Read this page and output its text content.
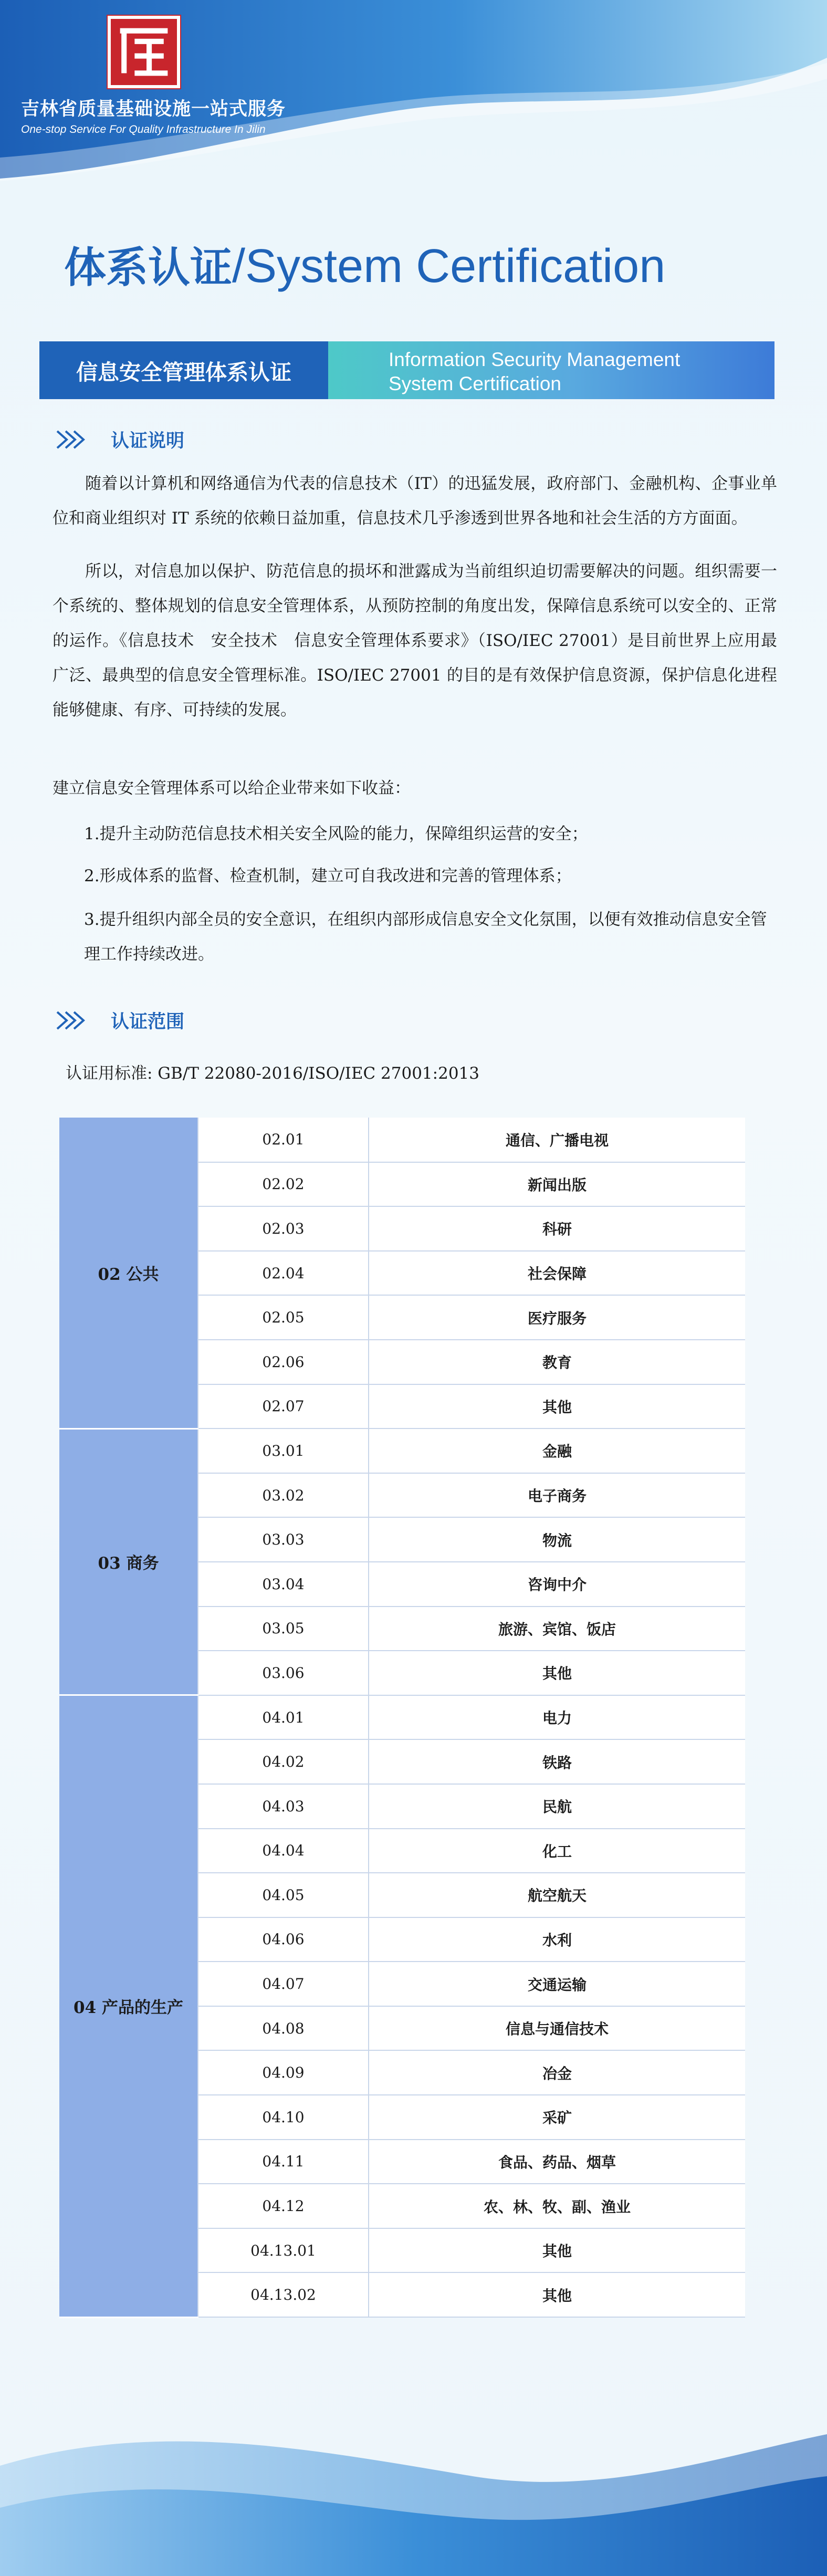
吉林省质量基础设施一站式服务
One-stop Service For Quality Infrastructure In Jilin
体系认证/System Certification
信息安全管理体系认证	Information Security Management
System Certification
认证说明
随着以计算机和网络通信为代表的信息技术（IT）的迅猛发展，政府部门、金融机构、企事业单位和商业组织对 IT 系统的依赖日益加重，信息技术几乎渗透到世界各地和社会生活的方方面面。
所以，对信息加以保护、防范信息的损坏和泄露成为当前组织迫切需要解决的问题。组织需要一个系统的、整体规划的信息安全管理体系，从预防控制的角度出发，保障信息系统可以安全的、正常的运作。《信息技术　安全技术　信息安全管理体系要求》（ISO/IEC 27001）是目前世界上应用最广泛、最典型的信息安全管理标准。ISO/IEC 27001 的目的是有效保护信息资源，保护信息化进程能够健康、有序、可持续的发展。
建立信息安全管理体系可以给企业带来如下收益：
1.提升主动防范信息技术相关安全风险的能力，保障组织运营的安全；
2.形成体系的监督、检查机制，建立可自我改进和完善的管理体系；
3.提升组织内部全员的安全意识，在组织内部形成信息安全文化氛围，以便有效推动信息安全管理工作持续改进。
认证范围
认证用标准: GB/T 22080-2016/ISO/IEC 27001:2013
02 公共	02.01	通信、广播电视
	02.02	新闻出版
	02.03	科研
	02.04	社会保障
	02.05	医疗服务
	02.06	教育
	02.07	其他
03 商务	03.01	金融
	03.02	电子商务
	03.03	物流
	03.04	咨询中介
	03.05	旅游、宾馆、饭店
	03.06	其他
04 产品的生产	04.01	电力
	04.02	铁路
	04.03	民航
	04.04	化工
	04.05	航空航天
	04.06	水利
	04.07	交通运输
	04.08	信息与通信技术
	04.09	冶金
	04.10	采矿
	04.11	食品、药品、烟草
	04.12	农、林、牧、副、渔业
	04.13.01	其他
	04.13.02	其他
